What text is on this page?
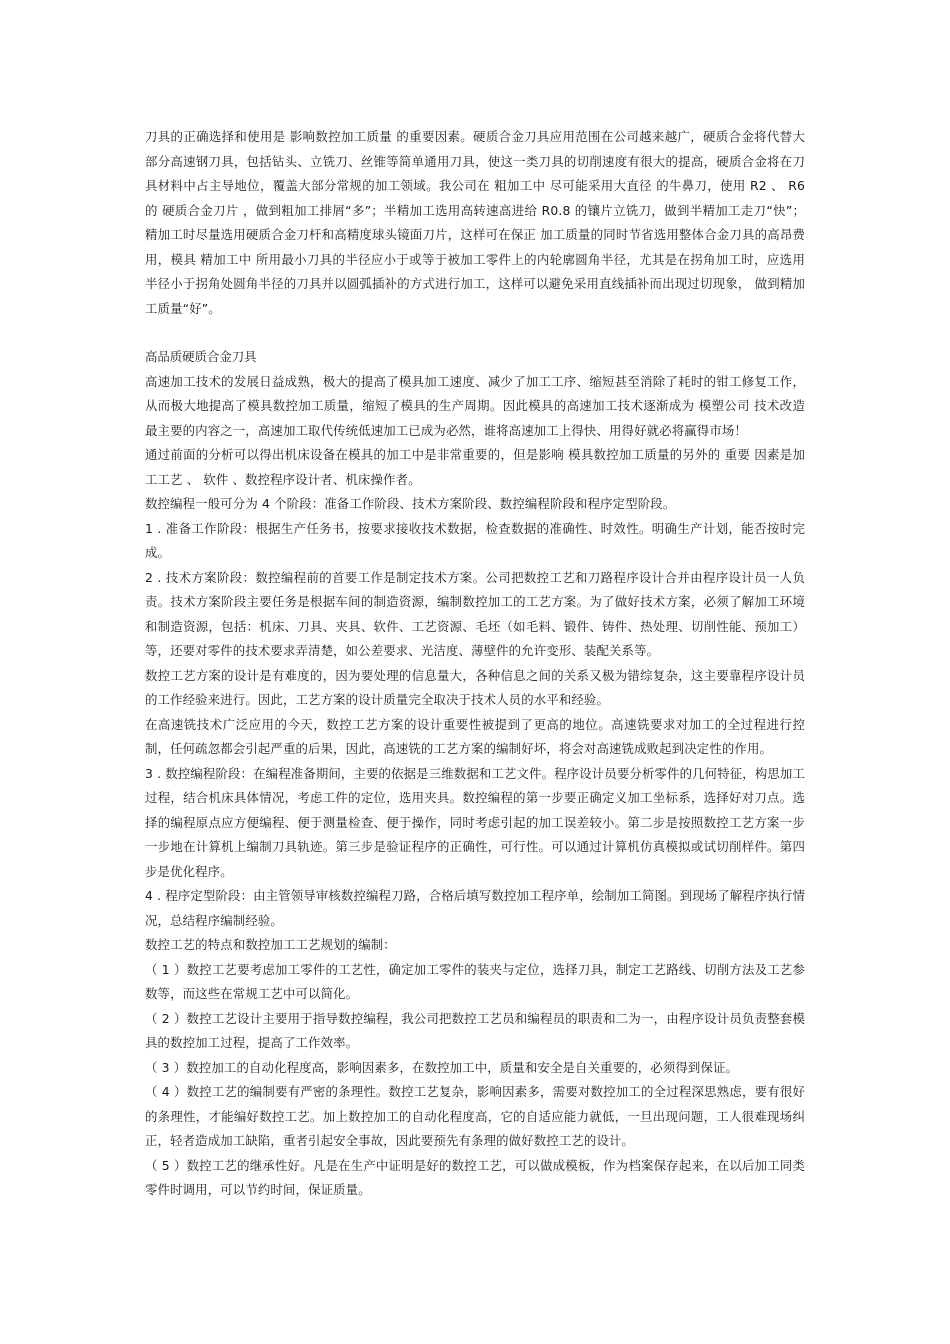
刀具的正确选择和使用是 影响数控加工质量 的重要因素。硬质合金刀具应用范围在公司越来越广，硬质合金将代替大部分高速钢刀具，包括钻头、立铣刀、丝锥等简单通用刀具，使这一类刀具的切削速度有很大的提高，硬质合金将在刀具材料中占主导地位，覆盖大部分常规的加工领域。我公司在 粗加工中 尽可能采用大直径 的牛鼻刀，使用 R2 、 R6 的 硬质合金刀片 ，做到粗加工排屑“多”；半精加工选用高转速高进给 R0.8 的镶片立铣刀，做到半精加工走刀“快”； 精加工时尽量选用硬质合金刀杆和高精度球头镜面刀片，这样可在保正 加工质量的同时节省选用整体合金刀具的高昂费用，模具 精加工中 所用最小刀具的半径应小于或等于被加工零件上的内轮廓圆角半径，尤其是在拐角加工时，应选用半径小于拐角处圆角半径的刀具并以圆弧插补的方式进行加工，这样可以避免采用直线插补而出现过切现象， 做到精加工质量“好”。

高品质硬质合金刀具

高速加工技术的发展日益成熟，极大的提高了模具加工速度、减少了加工工序、缩短甚至消除了耗时的钳工修复工作，从而极大地提高了模具数控加工质量，缩短了模具的生产周期。因此模具的高速加工技术逐渐成为 模塑公司 技术改造最主要的内容之一，高速加工取代传统低速加工已成为必然，谁将高速加工上得快、用得好就必将赢得市场！

通过前面的分析可以得出机床设备在模具的加工中是非常重要的，但是影响 模具数控加工质量的另外的 重要 因素是加工工艺 、 软件 、数控程序设计者、机床操作者。

数控编程一般可分为 4 个阶段：准备工作阶段、技术方案阶段、数控编程阶段和程序定型阶段。

1 . 准备工作阶段：根据生产任务书，按要求接收技术数据，检查数据的准确性、时效性。明确生产计划，能否按时完成。

2 . 技术方案阶段：数控编程前的首要工作是制定技术方案。公司把数控工艺和刀路程序设计合并由程序设计员一人负责。技术方案阶段主要任务是根据车间的制造资源，编制数控加工的工艺方案。为了做好技术方案，必须了解加工环境和制造资源，包括：机床、刀具、夹具、软件、工艺资源、毛坯（如毛料、锻件、铸件、热处理、切削性能、预加工）等，还要对零件的技术要求弄清楚，如公差要求、光洁度、薄壁件的允许变形、装配关系等。

数控工艺方案的设计是有难度的，因为要处理的信息量大，各种信息之间的关系又极为错综复杂，这主要靠程序设计员的工作经验来进行。因此，工艺方案的设计质量完全取决于技术人员的水平和经验。

在高速铣技术广泛应用的今天，数控工艺方案的设计重要性被提到了更高的地位。高速铣要求对加工的全过程进行控制，任何疏忽都会引起严重的后果，因此，高速铣的工艺方案的编制好坏，将会对高速铣成败起到决定性的作用。

3 . 数控编程阶段：在编程准备期间，主要的依据是三维数据和工艺文件。程序设计员要分析零件的几何特征，构思加工过程，结合机床具体情况，考虑工件的定位，选用夹具。数控编程的第一步要正确定义加工坐标系，选择好对刀点。选择的编程原点应方便编程、便于测量检查、便于操作，同时考虑引起的加工误差较小。第二步是按照数控工艺方案一步一步地在计算机上编制刀具轨迹。第三步是验证程序的正确性，可行性。可以通过计算机仿真模拟或试切削样件。第四步是优化程序。

4 . 程序定型阶段：由主管领导审核数控编程刀路，合格后填写数控加工程序单，绘制加工简图。到现场了解程序执行情况，总结程序编制经验。

数控工艺的特点和数控加工工艺规划的编制：

（ 1 ）数控工艺要考虑加工零件的工艺性，确定加工零件的装夹与定位，选择刀具，制定工艺路线、切削方法及工艺参数等，而这些在常规工艺中可以简化。

（ 2 ）数控工艺设计主要用于指导数控编程，我公司把数控工艺员和编程员的职责和二为一，由程序设计员负责整套模具的数控加工过程，提高了工作效率。

（ 3 ）数控加工的自动化程度高，影响因素多，在数控加工中，质量和安全是自关重要的，必须得到保证。

（ 4 ）数控工艺的编制要有严密的条理性。数控工艺复杂，影响因素多，需要对数控加工的全过程深思熟虑，要有很好的条理性，才能编好数控工艺。加上数控加工的自动化程度高，它的自适应能力就低，一旦出现问题，工人很难现场纠正，轻者造成加工缺陷，重者引起安全事故，因此要预先有条理的做好数控工艺的设计。

（ 5 ）数控工艺的继承性好。凡是在生产中证明是好的数控工艺，可以做成模板，作为档案保存起来，在以后加工同类零件时调用，可以节约时间，保证质量。
